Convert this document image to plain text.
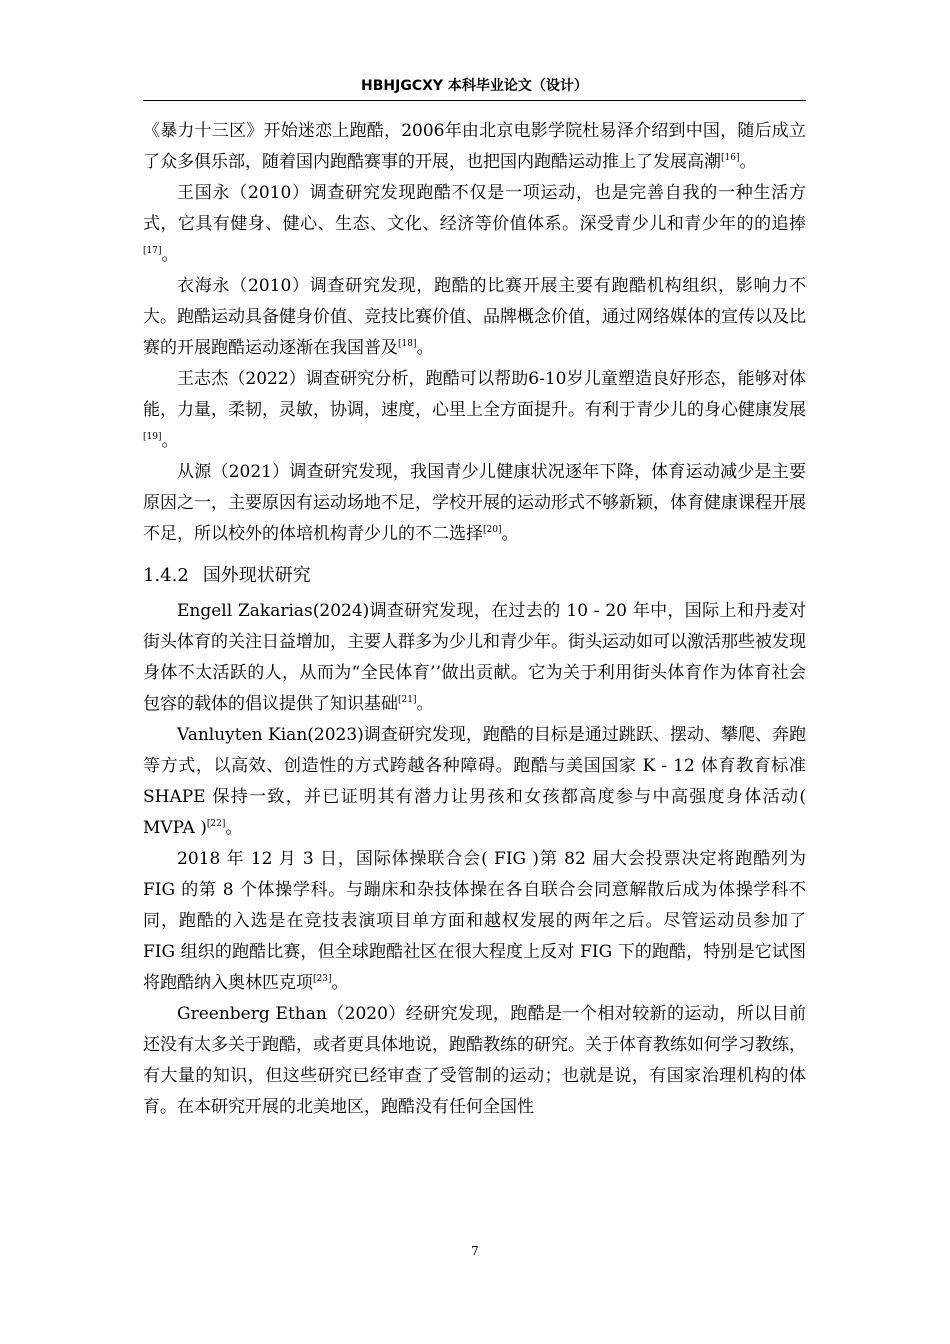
HBHJGCXY 本科毕业论文（设计）

《暴力十三区》开始迷恋上跑酷，2006年由北京电影学院杜易泽介绍到中国，随后成立了众多俱乐部，随着国内跑酷赛事的开展，也把国内跑酷运动推上了发展高潮[16]。

王国永（2010）调查研究发现跑酷不仅是一项运动，也是完善自我的一种生活方式，它具有健身、健心、生态、文化、经济等价值体系。深受青少儿和青少年的的追捧[17]。

衣海永（2010）调查研究发现，跑酷的比赛开展主要有跑酷机构组织，影响力不大。跑酷运动具备健身价值、竞技比赛价值、品牌概念价值，通过网络媒体的宣传以及比赛的开展跑酷运动逐渐在我国普及[18]。

王志杰（2022）调查研究分析，跑酷可以帮助6-10岁儿童塑造良好形态，能够对体能，力量，柔韧，灵敏，协调，速度，心里上全方面提升。有利于青少儿的身心健康发展[19]。

从源（2021）调查研究发现，我国青少儿健康状况逐年下降，体育运动减少是主要原因之一，主要原因有运动场地不足，学校开展的运动形式不够新颖，体育健康课程开展不足，所以校外的体培机构青少儿的不二选择[20]。

1.4.2 国外现状研究

Engell Zakarias(2024)调查研究发现，在过去的 10 - 20 年中，国际上和丹麦对街头体育的关注日益增加，主要人群多为少儿和青少年。街头运动如可以激活那些被发现身体不太活跃的人，从而为“全民体育’’做出贡献。它为关于利用街头体育作为体育社会包容的载体的倡议提供了知识基础[21]。

Vanluyten Kian(2023)调查研究发现，跑酷的目标是通过跳跃、摆动、攀爬、奔跑等方式，以高效、创造性的方式跨越各种障碍。跑酷与美国国家 K - 12 体育教育标准 SHAPE 保持一致，并已证明其有潜力让男孩和女孩都高度参与中高强度身体活动( MVPA )[22]。

2018 年 12 月 3 日，国际体操联合会( FIG )第 82 届大会投票决定将跑酷列为 FIG 的第 8 个体操学科。与蹦床和杂技体操在各自联合会同意解散后成为体操学科不同，跑酷的入选是在竞技表演项目单方面和越权发展的两年之后。尽管运动员参加了 FIG 组织的跑酷比赛，但全球跑酷社区在很大程度上反对 FIG 下的跑酷，特别是它试图将跑酷纳入奥林匹克项[23]。

Greenberg Ethan（2020）经研究发现，跑酷是一个相对较新的运动，所以目前还没有太多关于跑酷，或者更具体地说，跑酷教练的研究。关于体育教练如何学习教练，有大量的知识，但这些研究已经审查了受管制的运动；也就是说，有国家治理机构的体育。在本研究开展的北美地区，跑酷没有任何全国性

7
